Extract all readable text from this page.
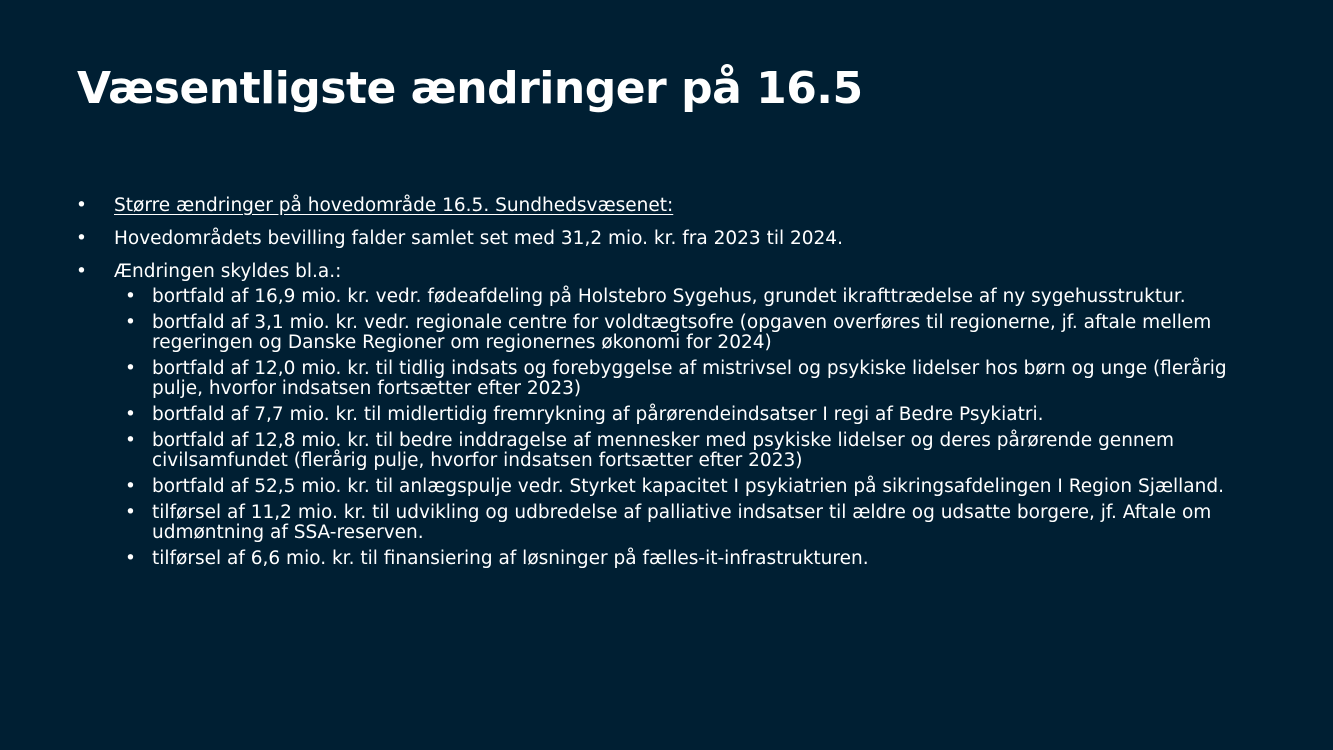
Væsentligste ændringer på 16.5
• Større ændringer på hovedområde 16.5. Sundhedsvæsenet:
• Hovedområdets bevilling falder samlet set med 31,2 mio. kr. fra 2023 til 2024.
• Ændringen skyldes bl.a.:
• bortfald af 16,9 mio. kr. vedr. fødeafdeling på Holstebro Sygehus, grundet ikrafttrædelse af ny sygehusstruktur.
• bortfald af 3,1 mio. kr. vedr. regionale centre for voldtægtsofre (opgaven overføres til regionerne, jf. aftale mellem regeringen og Danske Regioner om regionernes økonomi for 2024)
• bortfald af 12,0 mio. kr. til tidlig indsats og forebyggelse af mistrivsel og psykiske lidelser hos børn og unge (flerårig pulje, hvorfor indsatsen fortsætter efter 2023)
• bortfald af 7,7 mio. kr. til midlertidig fremrykning af pårørendeindsatser I regi af Bedre Psykiatri.
• bortfald af 12,8 mio. kr. til bedre inddragelse af mennesker med psykiske lidelser og deres pårørende gennem civilsamfundet (flerårig pulje, hvorfor indsatsen fortsætter efter 2023)
• bortfald af 52,5 mio. kr. til anlægspulje vedr. Styrket kapacitet I psykiatrien på sikringsafdelingen I Region Sjælland.
• tilførsel af 11,2 mio. kr. til udvikling og udbredelse af palliative indsatser til ældre og udsatte borgere, jf. Aftale om udmøntning af SSA-reserven.
• tilførsel af 6,6 mio. kr. til finansiering af løsninger på fælles-it-infrastrukturen.
